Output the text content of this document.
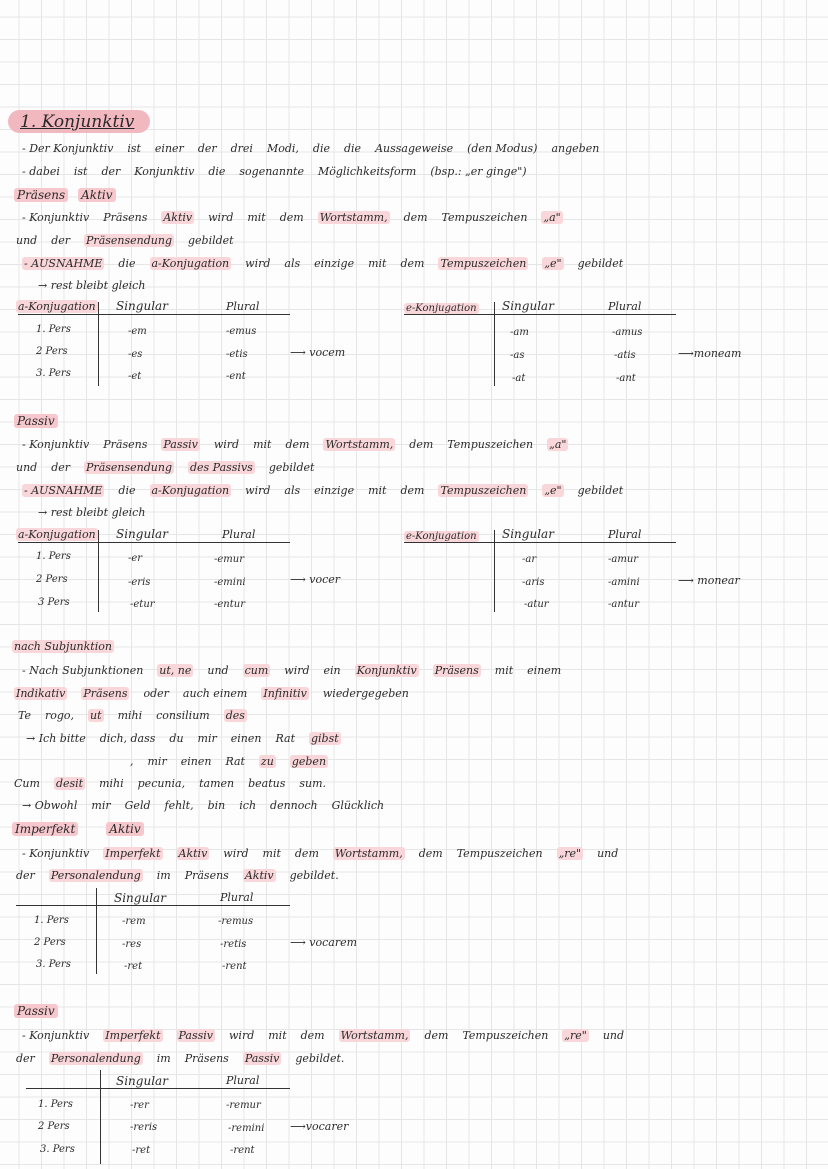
1. Konjunktiv
- Der Konjunktiv ist einer der drei Modi, die die Aussageweise (den Modus) angeben
- dabei ist der Konjunktiv die sogenannte Möglichkeitsform (bsp.: „er ginge")
Präsens Aktiv
- Konjunktiv Präsens Aktiv wird mit dem Wortstamm, dem Tempuszeichen „a"
und der Präsensendung gebildet
- AUSNAHME die a-Konjugation wird als einzige mit dem Tempuszeichen „e" gebildet
→ rest bleibt gleich
a-Konjugation Singular	Plural
1. Pers	-em	-emus
2 Pers	-es	-etis	⟶ vocem
3. Pers	-et	-ent
e-Konjugation Singular	Plural
-am	-amus
-as	-atis	⟶moneam
-at	-ant
Passiv
- Konjunktiv Präsens Passiv wird mit dem Wortstamm, dem Tempuszeichen „a"
und der Präsensendung des Passivs gebildet
- AUSNAHME die a-Konjugation wird als einzige mit dem Tempuszeichen „e" gebildet
→ rest bleibt gleich
a-Konjugation Singular	Plural
1. Pers	-er	-emur
2 Pers	-eris	-emini	⟶ vocer
3 Pers	-etur	-entur
e-Konjugation Singular	Plural
-ar	-amur
-aris	-amini	⟶ monear
-atur	-antur
nach Subjunktion
- Nach Subjunktionen ut, ne und cum wird ein Konjunktiv Präsens mit einem
Indikativ Präsens oder auch einem Infinitiv wiedergegeben
Te rogo, ut mihi consilium des
→ Ich bitte dich, dass du mir einen Rat gibst
, mir einen Rat zu geben
Cum desit mihi pecunia, tamen beatus sum.
→ Obwohl mir Geld fehlt, bin ich dennoch Glücklich
Imperfekt	Aktiv
- Konjunktiv Imperfekt Aktiv wird mit dem Wortstamm, dem Tempuszeichen „re" und
der Personalendung im Präsens Aktiv gebildet.
Singular	Plural
1. Pers	-rem	-remus
2 Pers	-res	-retis	⟶ vocarem
3. Pers	-ret	-rent
Passiv
- Konjunktiv Imperfekt Passiv wird mit dem Wortstamm, dem Tempuszeichen „re" und
der Personalendung im Präsens Passiv gebildet.
Singular	Plural
1. Pers	-rer	-remur
2 Pers	-reris	-remini ⟶vocarer
3. Pers	-ret	-rent
